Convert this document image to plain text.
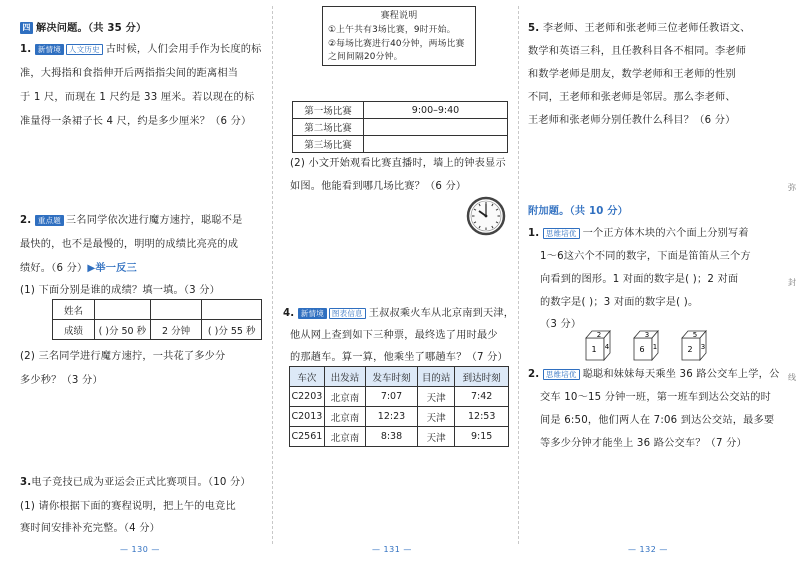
四 解决问题。（共 35 分）
1. 新情境 人文历史 古时候，人们会用手作为长度的标
准，大拇指和食指伸开后两指指尖间的距离相当
于 1 尺，而现在 1 尺约是 33 厘米。若以现在的标
准量得一条裙子长 4 尺，约是多少厘米？（6 分）
2. 重点题 三名同学依次进行魔方速拧，聪聪不是
最快的，也不是最慢的，明明的成绩比亮亮的成
绩好。（6 分）▶举一反三
(1) 下面分别是谁的成绩？填一填。（3 分）
姓名			
成绩	( )分 50 秒	2 分钟	( )分 55 秒
(2) 三名同学进行魔方速拧，一共花了多少分
多少秒？（3 分）
3.电子竞技已成为亚运会正式比赛项目。（10 分）
(1) 请你根据下面的赛程说明，把上午的电竞比
赛时间安排补充完整。（4 分）
— 130 —
赛程说明
①上午共有3场比赛，9时开始。
②每场比赛进行40分钟，两场比赛
之间间隔20分钟。
第一场比赛	9:00–9:40
第二场比赛	
第三场比赛	
(2) 小文开始观看比赛直播时，墙上的钟表显示
如图。他能看到哪几场比赛？（6 分）
4. 新情境 图表信息 王叔叔乘火车从北京南到天津，
他从网上查到如下三种票，最终选了用时最少
的那趟车。算一算，他乘坐了哪趟车？（7 分）
车次	出发站	发车时刻	目的站	到达时刻
C2203	北京南	7:07	天津	7:42
C2013	北京南	12:23	天津	12:53
C2561	北京南	8:38	天津	9:15
— 131 —
5. 李老师、王老师和张老师三位老师任教语文、
数学和英语三科，且任教科目各不相同。李老师
和数学老师是朋友，数学老师和王老师的性别
不同，王老师和张老师是邻居。那么李老师、
王老师和张老师分别任教什么科目？（6 分）
附加题。（共 10 分）
1. 思维培优 一个正方体木块的六个面上分别写着
1～6这六个不同的数字，下面是笛笛从三个方
向看到的图形。1 对面的数字是( )；2 对面
的数字是( )；3 对面的数字是( )。
（3 分）
2
1 4
3
6 1
5
2 3
2. 思维培优 聪聪和妹妹每天乘坐 36 路公交车上学，公
交车 10～15 分钟一班，第一班车到达公交站的时
间是 6:50，他们两人在 7:06 到达公交站，最多要
等多少分钟才能坐上 36 路公交车？（7 分）
弥
封
线
— 132 —
